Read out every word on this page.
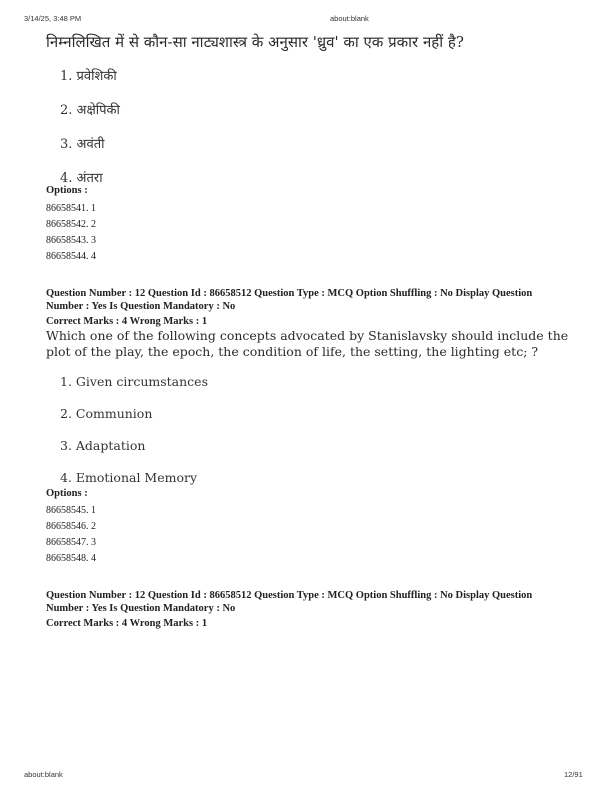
3/14/25, 3:48 PM	about:blank
निम्नलिखित में से कौन-सा नाट्यशास्त्र के अनुसार 'ध्रुव' का एक प्रकार नहीं है?
1. प्रवेशिकी
2. अक्षेपिकी
3. अवंती
4. अंतरा
Options :
86658541. 1
86658542. 2
86658543. 3
86658544. 4
Question Number : 12 Question Id : 86658512 Question Type : MCQ Option Shuffling : No Display Question
Number : Yes Is Question Mandatory : No
Correct Marks : 4 Wrong Marks : 1
Which one of the following concepts advocated by Stanislavsky should include the plot of the play, the epoch, the condition of life, the setting, the lighting etc; ?
1. Given circumstances
2. Communion
3. Adaptation
4. Emotional Memory
Options :
86658545. 1
86658546. 2
86658547. 3
86658548. 4
Question Number : 12 Question Id : 86658512 Question Type : MCQ Option Shuffling : No Display Question
Number : Yes Is Question Mandatory : No
Correct Marks : 4 Wrong Marks : 1
about:blank	12/91
